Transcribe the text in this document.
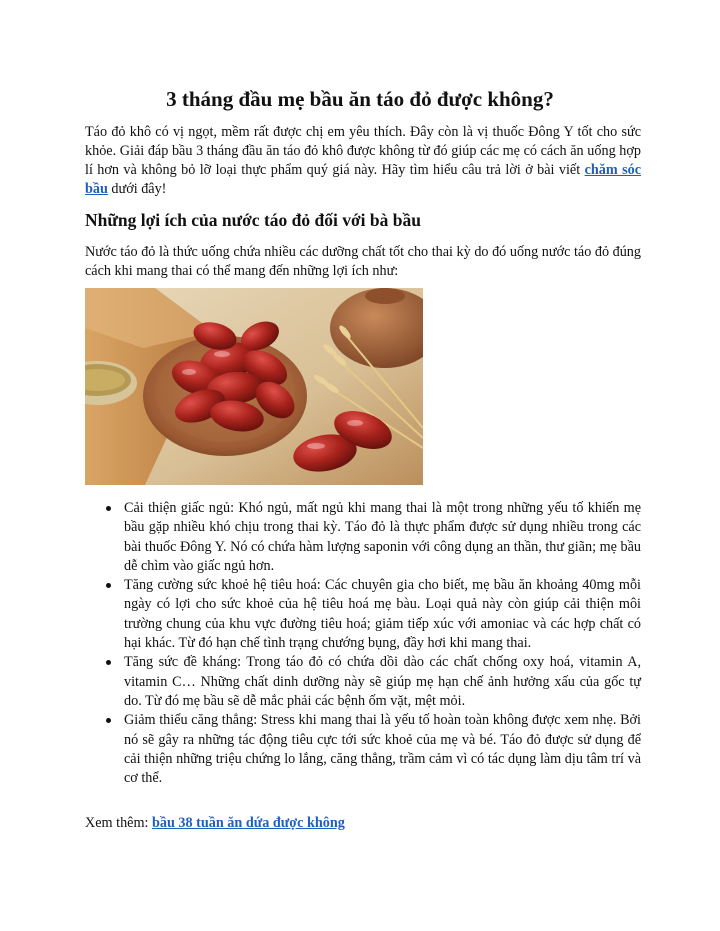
3 tháng đầu mẹ bầu ăn táo đỏ được không?

Táo đỏ khô có vị ngọt, mềm rất được chị em yêu thích. Đây còn là vị thuốc Đông Y tốt cho sức khỏe. Giải đáp bầu 3 tháng đầu ăn táo đỏ khô được không từ đó giúp các mẹ có cách ăn uống hợp lí hơn và không bỏ lỡ loại thực phẩm quý giá này. Hãy tìm hiểu câu trả lời ở bài viết chăm sóc bầu dưới đây!

Những lợi ích của nước táo đỏ đối với bà bầu

Nước táo đỏ là thức uống chứa nhiều các dưỡng chất tốt cho thai kỳ do đó uống nước táo đỏ đúng cách khi mang thai có thể mang đến những lợi ích như:

Cải thiện giấc ngủ: Khó ngủ, mất ngủ khi mang thai là một trong những yếu tố khiến mẹ bầu gặp nhiều khó chịu trong thai kỳ. Táo đỏ là thực phẩm được sử dụng nhiều trong các bài thuốc Đông Y. Nó có chứa hàm lượng saponin với công dụng an thần, thư giãn; mẹ bầu dễ chìm vào giấc ngủ hơn.
Tăng cường sức khoẻ hệ tiêu hoá: Các chuyên gia cho biết, mẹ bầu ăn khoảng 40mg mỗi ngày có lợi cho sức khoẻ của hệ tiêu hoá mẹ bàu. Loại quả này còn giúp cải thiện môi trường chung của khu vực đường tiêu hoá; giảm tiếp xúc với amoniac và các hợp chất có hại khác. Từ đó hạn chế tình trạng chướng bụng, đầy hơi khi mang thai.
Tăng sức đề kháng: Trong táo đỏ có chứa dồi dào các chất chống oxy hoá, vitamin A, vitamin C… Những chất dinh dưỡng này sẽ giúp mẹ hạn chế ảnh hưởng xấu của gốc tự do. Từ đó mẹ bầu sẽ dễ mắc phải các bệnh ốm vặt, mệt mỏi.
Giảm thiểu căng thẳng: Stress khi mang thai là yếu tố hoàn toàn không được xem nhẹ. Bởi nó sẽ gây ra những tác động tiêu cực tới sức khoẻ của mẹ và bé. Táo đỏ được sử dụng để cải thiện những triệu chứng lo lắng, căng thẳng, trầm cảm vì có tác dụng làm dịu tâm trí và cơ thể.

Xem thêm: bầu 38 tuần ăn dứa được không
